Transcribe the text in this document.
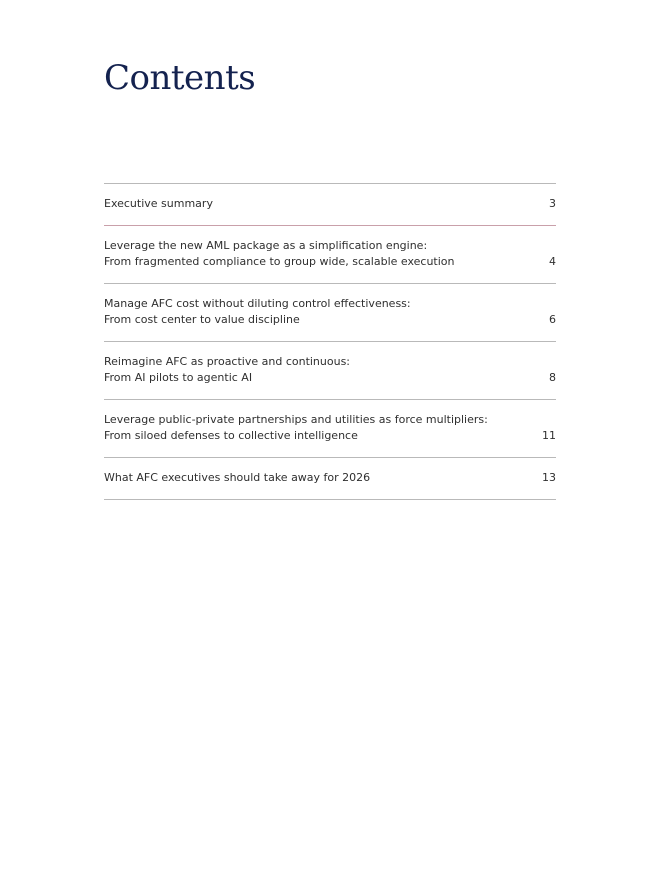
Contents
Executive summary	3
Leverage the new AML package as a simplification engine:
From fragmented compliance to group wide, scalable execution	4
Manage AFC cost without diluting control effectiveness:
From cost center to value discipline	6
Reimagine AFC as proactive and continuous:
From AI pilots to agentic AI	8
Leverage public-private partnerships and utilities as force multipliers:
From siloed defenses to collective intelligence	11
What AFC executives should take away for 2026	13
